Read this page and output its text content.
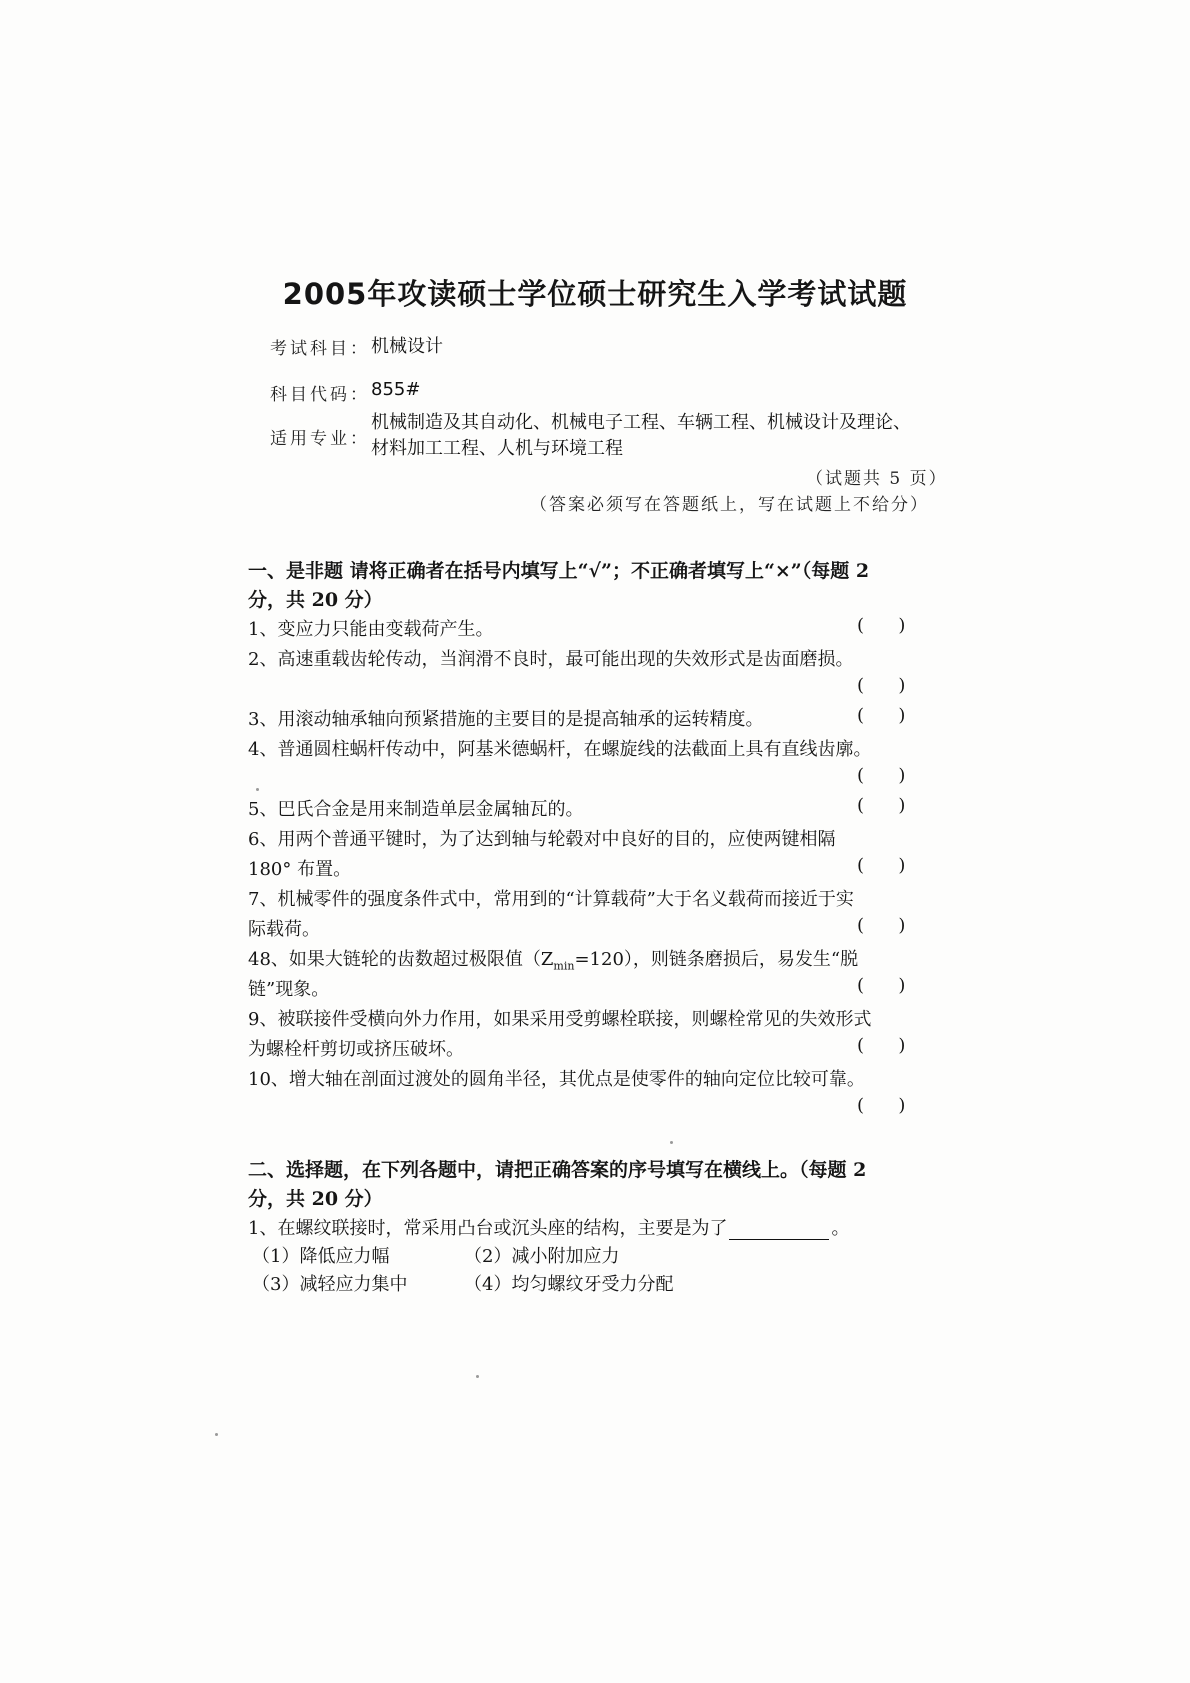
2005年攻读硕士学位硕士研究生入学考试试题
考试科目： 机械设计
科目代码： 855#
适用专业：
机械制造及其自动化、机械电子工程、车辆工程、机械设计及理论、
材料加工工程、人机与环境工程
（试题共 5 页）
（答案必须写在答题纸上，写在试题上不给分）
一、是非题 请将正确者在括号内填写上“√”；不正确者填写上“×”（每题 2
分，共 20 分）
1、变应力只能由变载荷产生。	(      )
2、高速重载齿轮传动，当润滑不良时，最可能出现的失效形式是齿面磨损。
(      )
3、用滚动轴承轴向预紧措施的主要目的是提高轴承的运转精度。	(      )
4、普通圆柱蜗杆传动中，阿基米德蜗杆，在螺旋线的法截面上具有直线齿廓。
(      )
5、巴氏合金是用来制造单层金属轴瓦的。	(      )
6、用两个普通平键时，为了达到轴与轮毂对中良好的目的，应使两键相隔
180° 布置。	(      )
7、机械零件的强度条件式中，常用到的“计算载荷”大于名义载荷而接近于实
际载荷。	(      )
48、如果大链轮的齿数超过极限值$(Z_{min}=120)$，则链条磨损后，易发生“脱
链”现象。	(      )
9、被联接件受横向外力作用，如果采用受剪螺栓联接，则螺栓常见的失效形式
为螺栓杆剪切或挤压破坏。	(      )
10、增大轴在剖面过渡处的圆角半径，其优点是使零件的轴向定位比较可靠。
(      )
二、选择题，在下列各题中，请把正确答案的序号填写在横线上。（每题 2
分，共 20 分）
1、在螺纹联接时，常采用凸台或沉头座的结构，主要是为了	。
（1）降低应力幅	（2）减小附加应力
（3）减轻应力集中	（4）均匀螺纹牙受力分配
